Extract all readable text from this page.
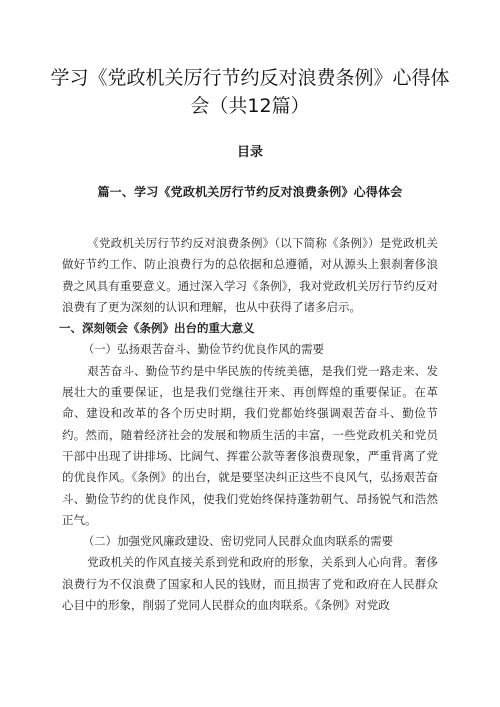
学习《党政机关厉行节约反对浪费条例》心得体会（共12篇）
目录
篇一、学习《党政机关厉行节约反对浪费条例》心得体会

《党政机关厉行节约反对浪费条例》（以下简称《条例》）是党政机关做好节约工作、防止浪费行为的总依据和总遵循，对从源头上狠刹奢侈浪费之风具有重要意义。通过深入学习《条例》，我对党政机关厉行节约反对浪费有了更为深刻的认识和理解，也从中获得了诸多启示。

一、深刻领会《条例》出台的重大意义

（一）弘扬艰苦奋斗、勤俭节约优良作风的需要

艰苦奋斗、勤俭节约是中华民族的传统美德，是我们党一路走来、发展壮大的重要保证，也是我们党继往开来、再创辉煌的重要保证。在革命、建设和改革的各个历史时期，我们党都始终强调艰苦奋斗、勤俭节约。然而，随着经济社会的发展和物质生活的丰富，一些党政机关和党员干部中出现了讲排场、比阔气、挥霍公款等奢侈浪费现象，严重背离了党的优良作风。《条例》的出台，就是要坚决纠正这些不良风气，弘扬艰苦奋斗、勤俭节约的优良作风，使我们党始终保持蓬勃朝气、昂扬锐气和浩然正气。

（二）加强党风廉政建设、密切党同人民群众血肉联系的需要

党政机关的作风直接关系到党和政府的形象，关系到人心向背。奢侈浪费行为不仅浪费了国家和人民的钱财，而且损害了党和政府在人民群众心目中的形象，削弱了党同人民群众的血肉联系。《条例》对党政
